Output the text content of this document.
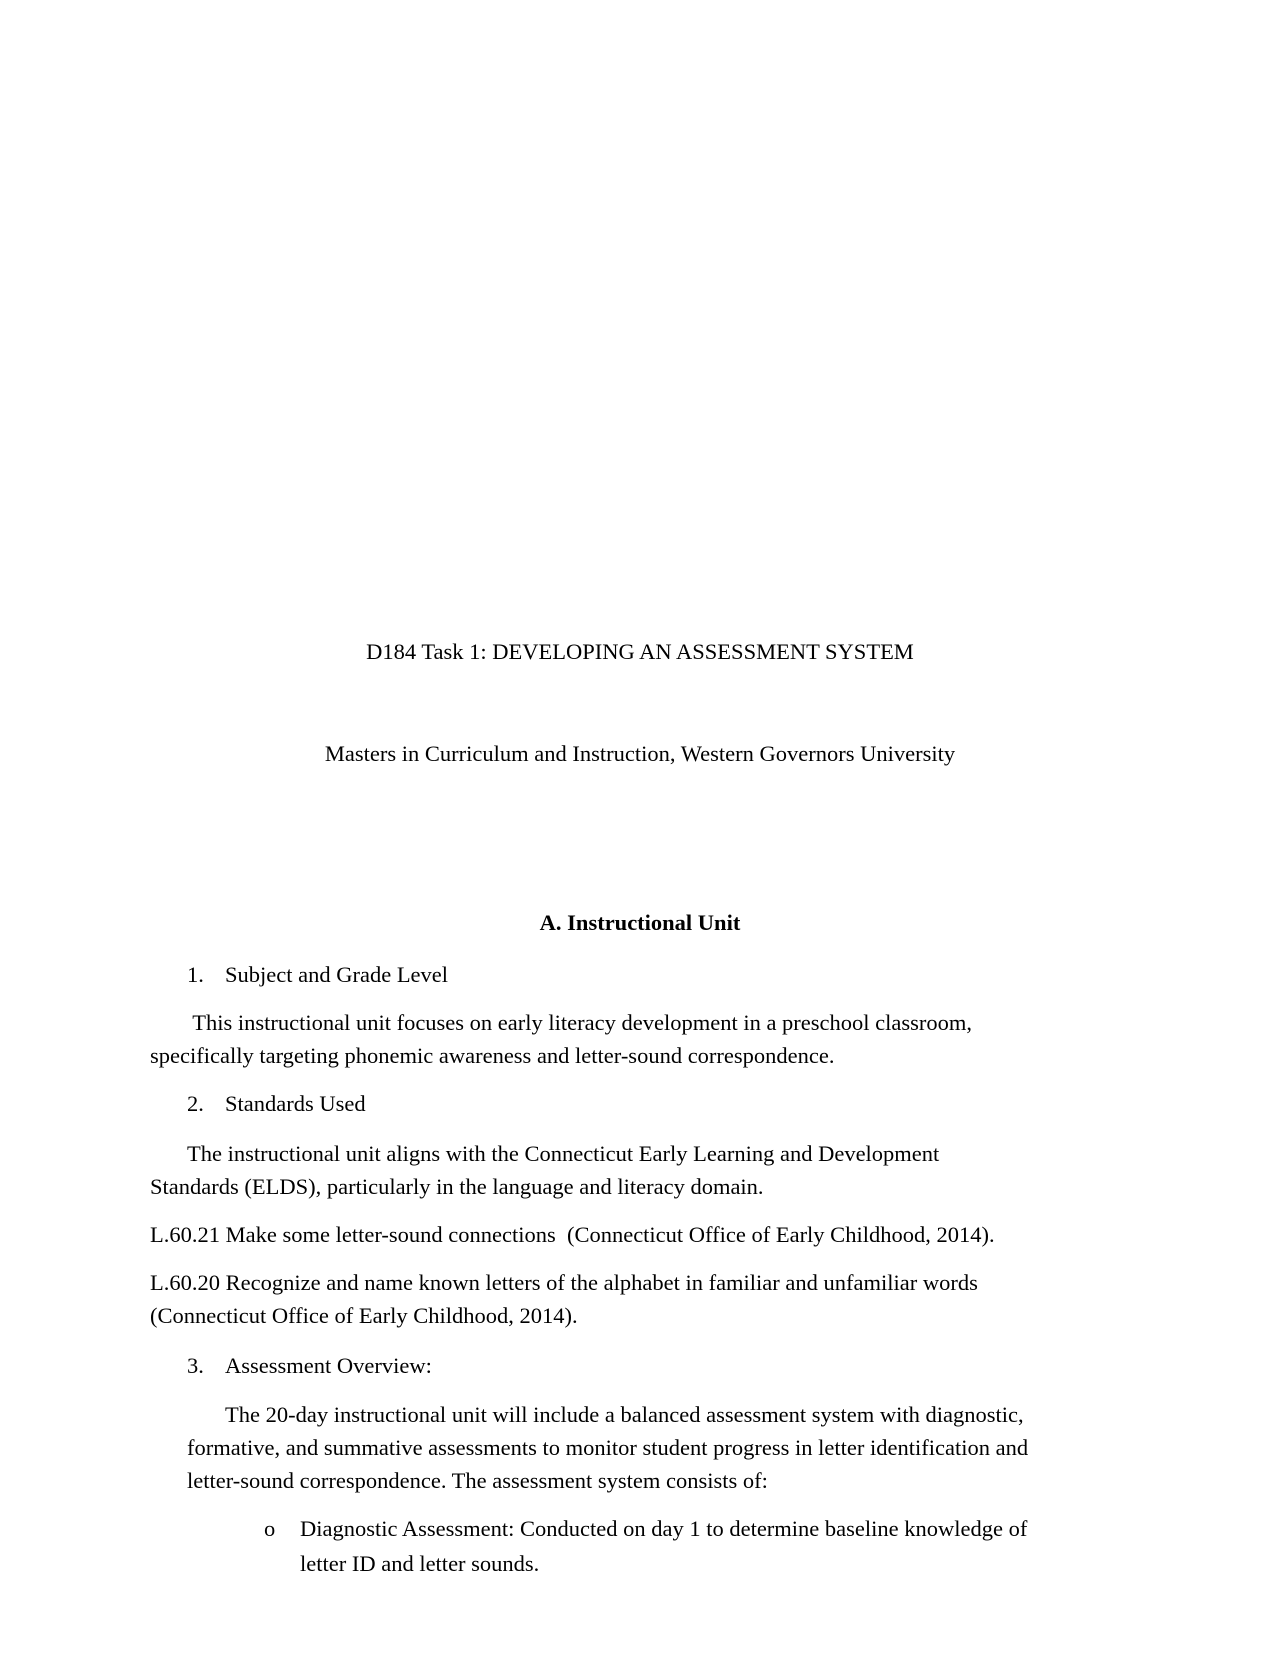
D184 Task 1: DEVELOPING AN ASSESSMENT SYSTEM
Masters in Curriculum and Instruction, Western Governors University
A. Instructional Unit
1. Subject and Grade Level
This instructional unit focuses on early literacy development in a preschool classroom,
specifically targeting phonemic awareness and letter-sound correspondence.
2. Standards Used
The instructional unit aligns with the Connecticut Early Learning and Development
Standards (ELDS), particularly in the language and literacy domain.
L.60.21 Make some letter-sound connections  (Connecticut Office of Early Childhood, 2014).
L.60.20 Recognize and name known letters of the alphabet in familiar and unfamiliar words
(Connecticut Office of Early Childhood, 2014).
3. Assessment Overview:
The 20-day instructional unit will include a balanced assessment system with diagnostic,
formative, and summative assessments to monitor student progress in letter identification and
letter-sound correspondence. The assessment system consists of:
o Diagnostic Assessment: Conducted on day 1 to determine baseline knowledge of
letter ID and letter sounds.
